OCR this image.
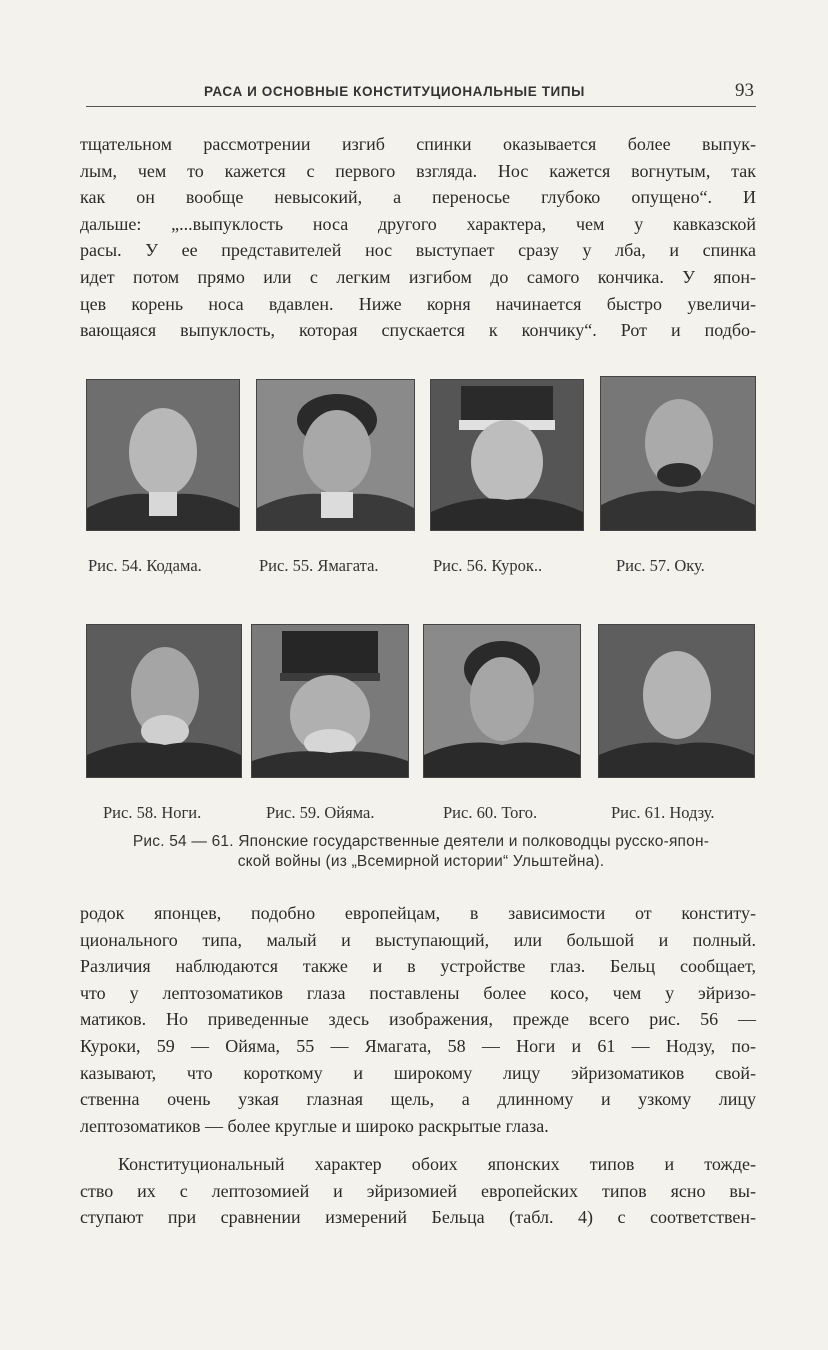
РАСА И ОСНОВНЫЕ КОНСТИТУЦИОНАЛЬНЫЕ ТИПЫ	93
тщательном рассмотрении изгиб спинки оказывается более выпук-
лым, чем то кажется с первого взгляда. Нос кажется вогнутым, так
как он вообще невысокий, а переносье глубоко опущено“. И
дальше: „...выпуклость носа другого характера, чем у кавказской
расы. У ее представителей нос выступает сразу у лба, и спинка
идет потом прямо или с легким изгибом до самого кончика. У япон-
цев корень носа вдавлен. Ниже корня начинается быстро увеличи-
вающаяся выпуклость, которая спускается к кончику“. Рот и подбо-
Рис. 54. Кодама.	Рис. 55. Ямагата.	Рис. 56. Курок..	Рис. 57. Оку.
Рис. 58. Ноги.	Рис. 59. Ойяма.	Рис. 60. Того.	Рис. 61. Нодзу.
Рис. 54 — 61. Японские государственные деятели и полководцы русско-япон-
ской войны (из „Всемирной истории“ Ульштейна).
родок японцев, подобно европейцам, в зависимости от конститу-
ционального типа, малый и выступающий, или большой и полный.
Различия наблюдаются также и в устройстве глаз. Бельц сообщает,
что у лептозоматиков глаза поставлены более косо, чем у эйризо-
матиков. Но приведенные здесь изображения, прежде всего рис. 56 —
Куроки, 59 — Ойяма, 55 — Ямагата, 58 — Ноги и 61 — Нодзу, по-
казывают, что короткому и широкому лицу эйризоматиков свой-
ственна очень узкая глазная щель, а длинному и узкому лицу
лептозоматиков — более круглые и широко раскрытые глаза.
Конституциональный характер обоих японских типов и тожде-
ство их с лептозомией и эйризомией европейских типов ясно вы-
ступают при сравнении измерений Бельца (табл. 4) с соответствен-
